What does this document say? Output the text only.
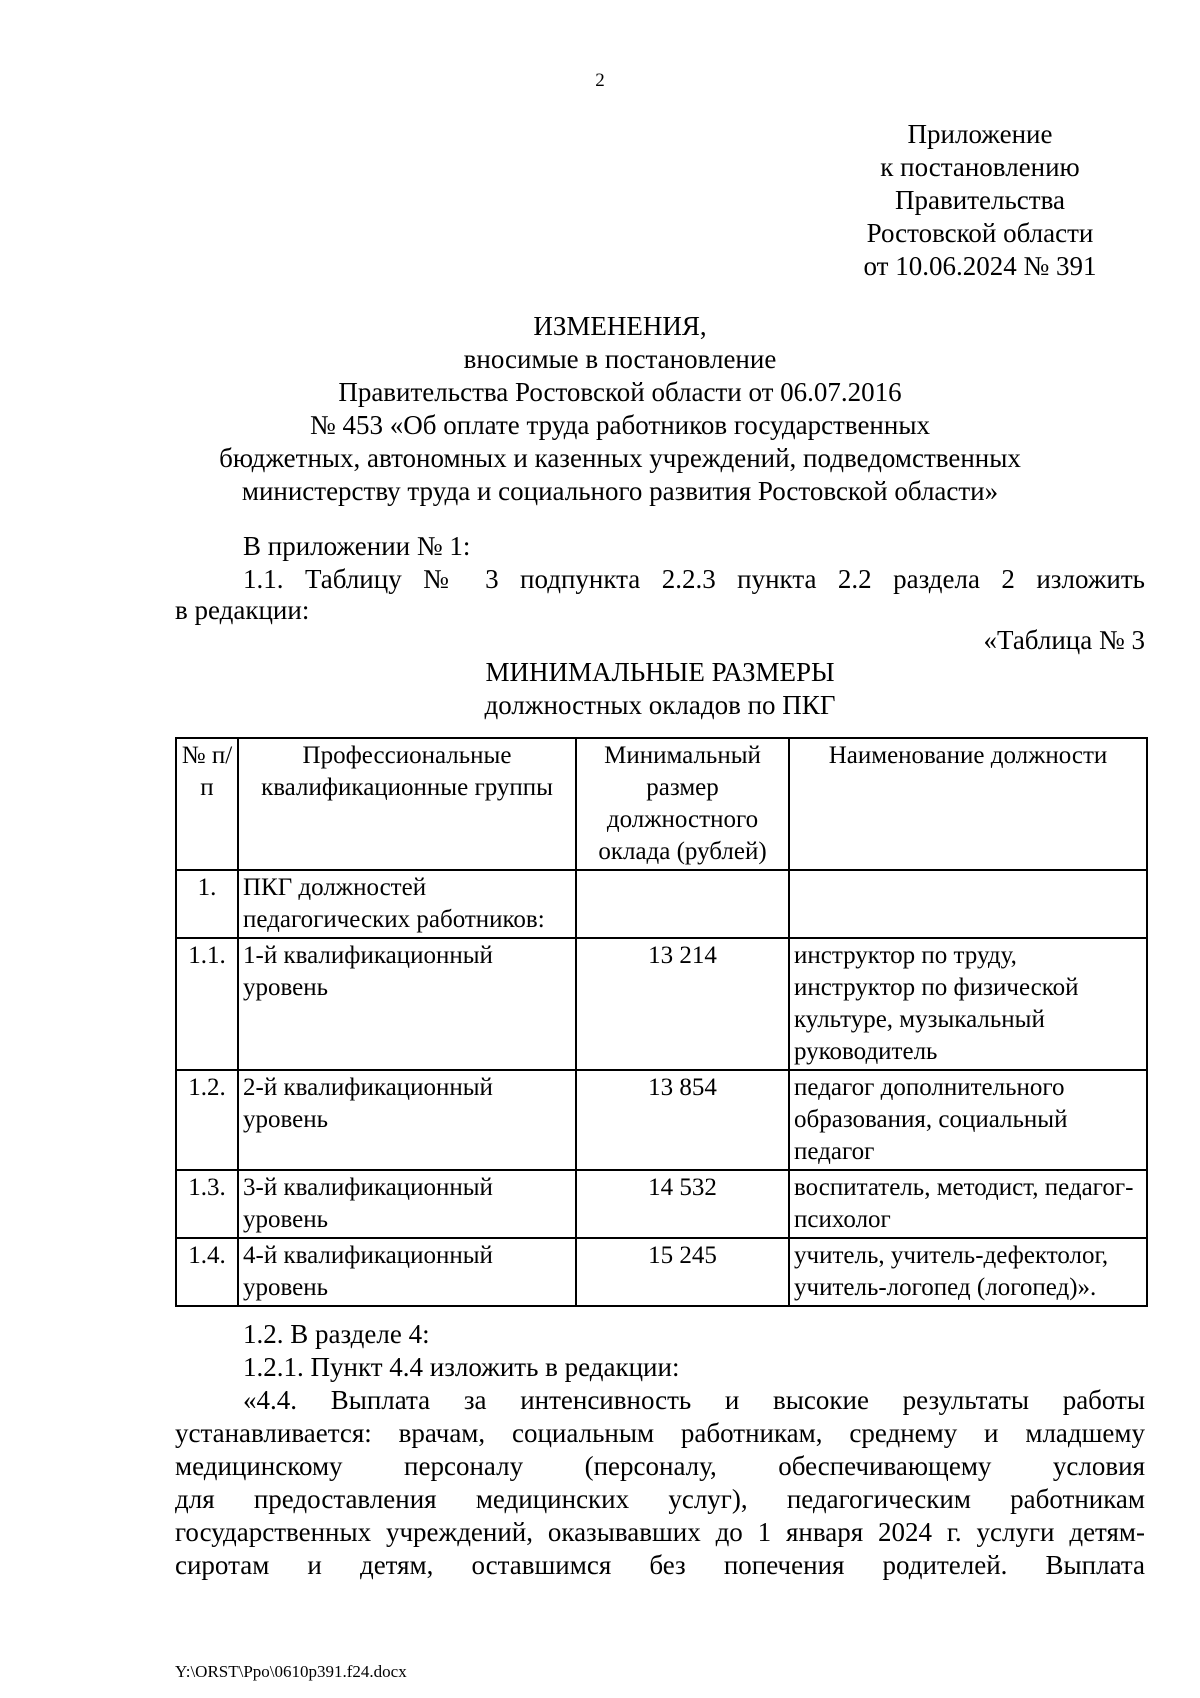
2
Приложение
к постановлению
Правительства
Ростовской области
от 10.06.2024 № 391
ИЗМЕНЕНИЯ,
вносимые в постановление
Правительства Ростовской области от 06.07.2016
№ 453 «Об оплате труда работников государственных
бюджетных, автономных и казенных учреждений, подведомственных
министерству труда и социального развития Ростовской области»
В приложении № 1:
1.1. Таблицу № 3 подпункта 2.2.3 пункта 2.2 раздела 2 изложить
в редакции:
«Таблица № 3
МИНИМАЛЬНЫЕ РАЗМЕРЫ
должностных окладов по ПКГ
№ п/п	Профессиональные квалификационные группы	Минимальный размер должностного оклада (рублей)	Наименование должности
1.	ПКГ должностей педагогических работников:		
1.1.	1-й квалификационный уровень	13 214	инструктор по труду, инструктор по физической культуре, музыкальный руководитель
1.2.	2-й квалификационный уровень	13 854	педагог дополнительного образования, социальный педагог
1.3.	3-й квалификационный уровень	14 532	воспитатель, методист, педагог-психолог
1.4.	4-й квалификационный уровень	15 245	учитель, учитель-дефектолог, учитель-логопед (логопед)».
1.2. В разделе 4:
1.2.1. Пункт 4.4 изложить в редакции:
«4.4. Выплата за интенсивность и высокие результаты работы
устанавливается: врачам, социальным работникам, среднему и младшему
медицинскому персоналу (персоналу, обеспечивающему условия
для предоставления медицинских услуг), педагогическим работникам
государственных учреждений, оказывавших до 1 января 2024 г. услуги детям-
сиротам и детям, оставшимся без попечения родителей. Выплата
Y:\ORST\Ppo\0610p391.f24.docx
